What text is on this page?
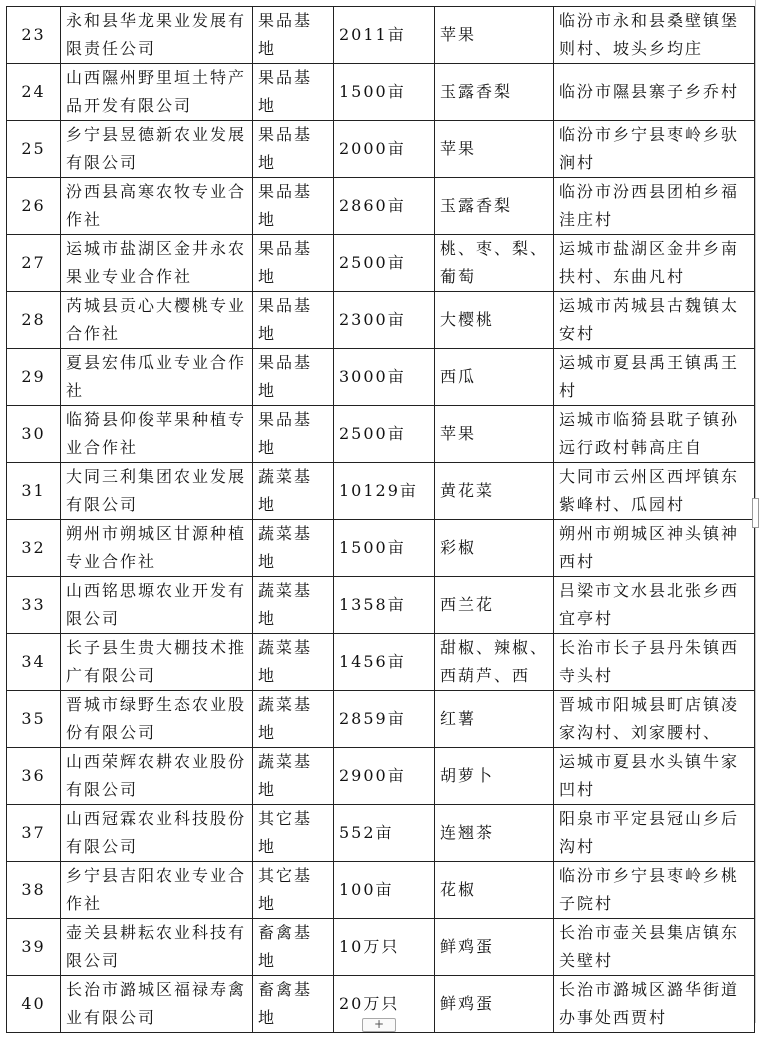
23	永和县华龙果业发展有限责任公司	果品基地	2011亩	苹果	临汾市永和县桑壁镇堡则村、坡头乡均庄
24	山西隰州野里垣土特产品开发有限公司	果品基地	1500亩	玉露香梨	临汾市隰县寨子乡乔村
25	乡宁县昱德新农业发展有限公司	果品基地	2000亩	苹果	临汾市乡宁县枣岭乡驮涧村
26	汾西县高寒农牧专业合作社	果品基地	2860亩	玉露香梨	临汾市汾西县团柏乡福洼庄村
27	运城市盐湖区金井永农果业专业合作社	果品基地	2500亩	桃、枣、梨、葡萄	运城市盐湖区金井乡南扶村、东曲凡村
28	芮城县贡心大樱桃专业合作社	果品基地	2300亩	大樱桃	运城市芮城县古魏镇太安村
29	夏县宏伟瓜业专业合作社	果品基地	3000亩	西瓜	运城市夏县禹王镇禹王村
30	临猗县仰俊苹果种植专业合作社	果品基地	2500亩	苹果	运城市临猗县耽子镇孙远行政村韩高庄自
31	大同三利集团农业发展有限公司	蔬菜基地	10129亩	黄花菜	大同市云州区西坪镇东紫峰村、瓜园村
32	朔州市朔城区甘源种植专业合作社	蔬菜基地	1500亩	彩椒	朔州市朔城区神头镇神西村
33	山西铭思塬农业开发有限公司	蔬菜基地	1358亩	西兰花	吕梁市文水县北张乡西宜亭村
34	长子县生贵大棚技术推广有限公司	蔬菜基地	1456亩	甜椒、辣椒、西葫芦、西	长治市长子县丹朱镇西寺头村
35	晋城市绿野生态农业股份有限公司	蔬菜基地	2859亩	红薯	晋城市阳城县町店镇凌家沟村、刘家腰村、
36	山西荣辉农耕农业股份有限公司	蔬菜基地	2900亩	胡萝卜	运城市夏县水头镇牛家凹村
37	山西冠霖农业科技股份有限公司	其它基地	552亩	连翘茶	阳泉市平定县冠山乡后沟村
38	乡宁县吉阳农业专业合作社	其它基地	100亩	花椒	临汾市乡宁县枣岭乡桃子院村
39	壶关县耕耘农业科技有限公司	畜禽基地	10万只	鲜鸡蛋	长治市壶关县集店镇东关壁村
40	长治市潞城区福禄寿禽业有限公司	畜禽基地	20万只	鲜鸡蛋	长治市潞城区潞华街道办事处西贾村
+
